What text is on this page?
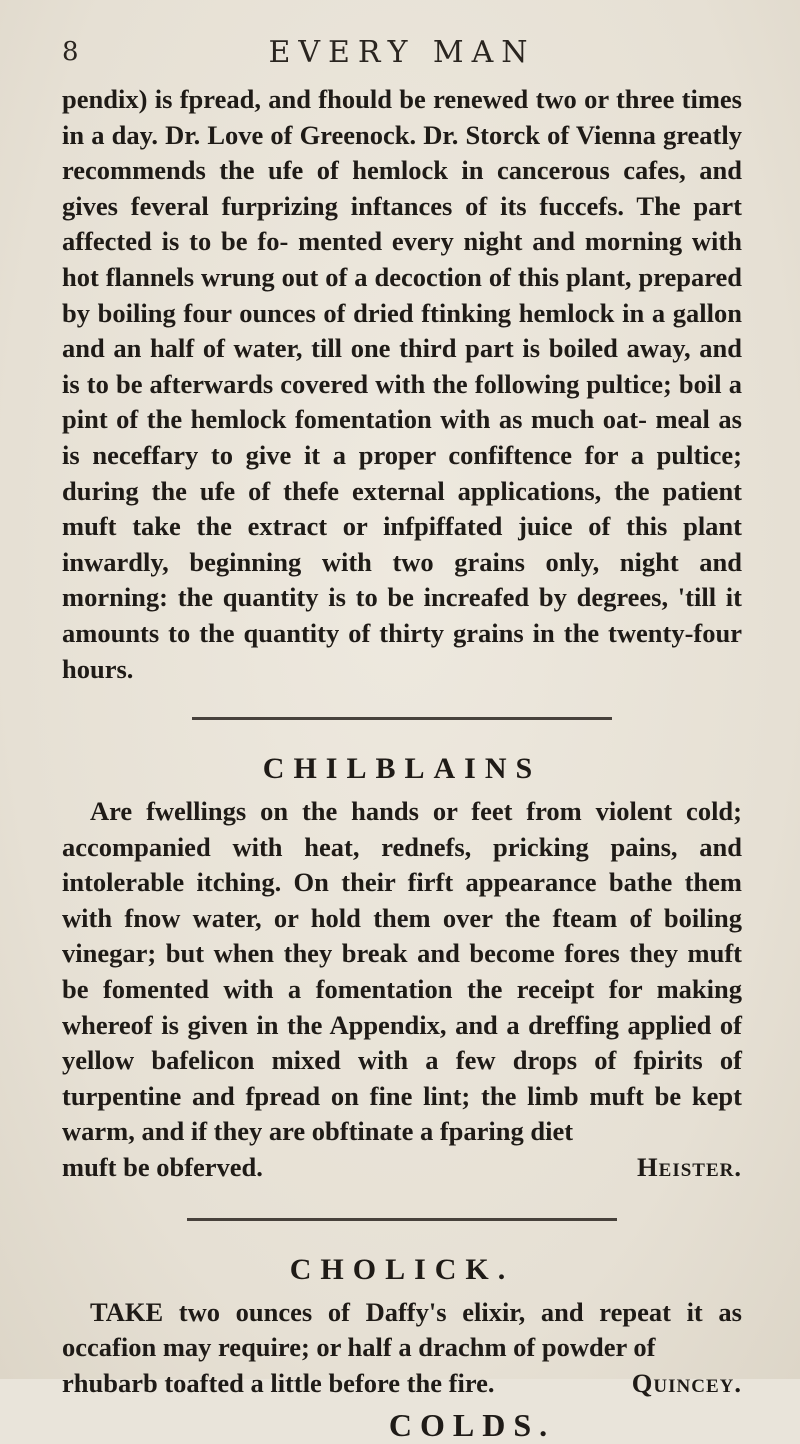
8	EVERY MAN

pendix) is fpread, and fhould be renewed two or three times in a day. Dr. Love of Greenock. Dr. Storck of Vienna greatly recommends the ufe of hemlock in cancerous cafes, and gives feveral furprizing inftances of its fuccefs. The part affected is to be fo- mented every night and morning with hot flannels wrung out of a decoction of this plant, prepared by boiling four ounces of dried ftinking hemlock in a gallon and an half of water, till one third part is boiled away, and is to be afterwards covered with the following pultice; boil a pint of the hemlock fomentation with as much oat- meal as is neceffary to give it a proper confiftence for a pultice; during the ufe of thefe external applications, the patient muft take the extract or infpiffated juice of this plant inwardly, beginning with two grains only, night and morning: the quantity is to be increafed by degrees, 'till it amounts to the quantity of thirty grains in the twenty-four hours.

CHILBLAINS

Are fwellings on the hands or feet from violent cold; accompanied with heat, rednefs, pricking pains, and intolerable itching. On their firft appearance bathe them with fnow water, or hold them over the fteam of boiling vinegar; but when they break and become fores they muft be fomented with a fomentation the receipt for making whereof is given in the Appendix, and a dreffing applied of yellow bafelicon mixed with a few drops of fpirits of turpentine and fpread on fine lint; the limb muft be kept warm, and if they are obftinate a fparing diet

muft be obferved.	Heister.
CHOLICK.

TAKE two ounces of Daffy's elixir, and repeat it as occafion may require; or half a drachm of powder of

rhubarb toafted a little before the fire.	Quincey.
COLDS.
